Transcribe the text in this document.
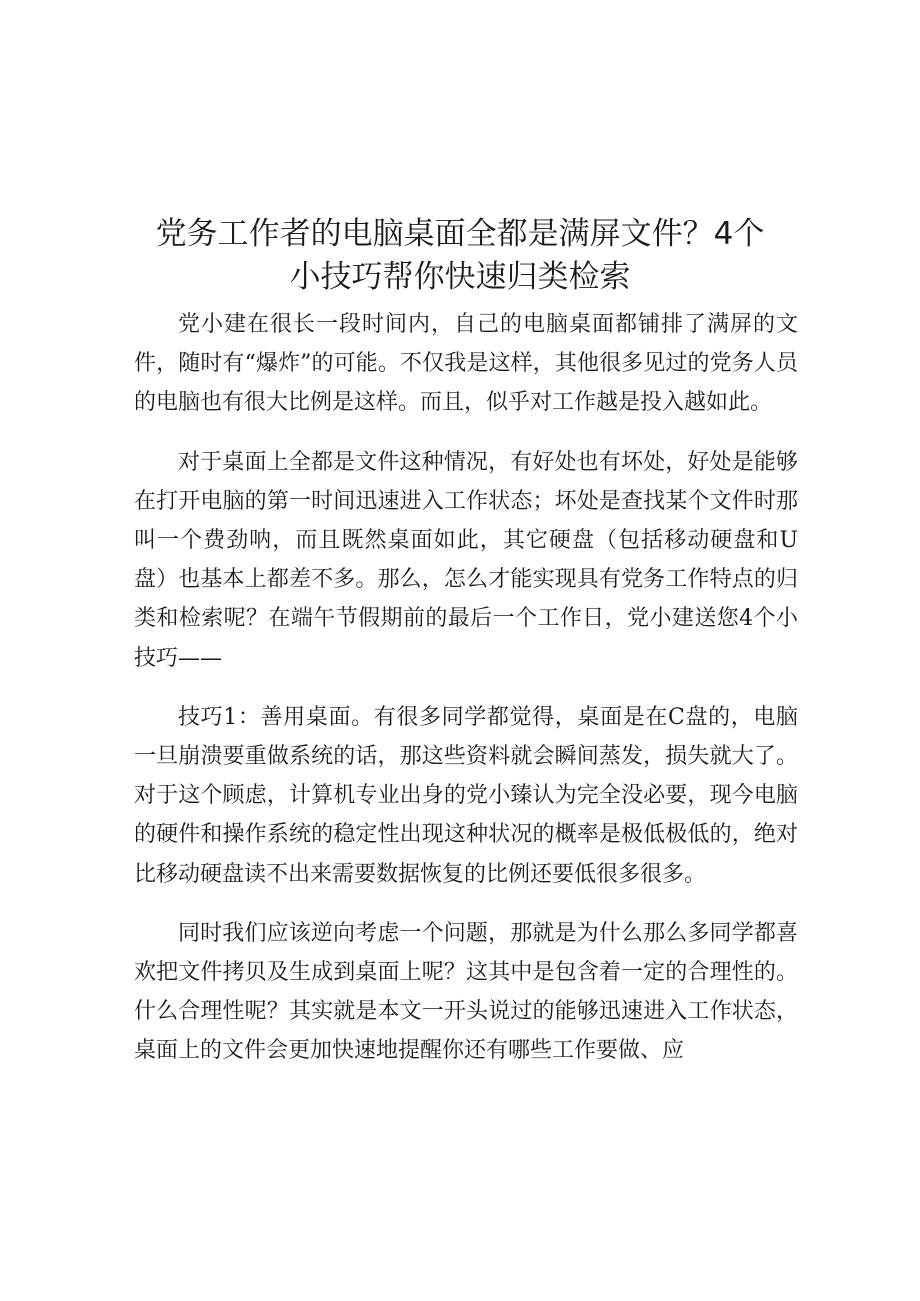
党务工作者的电脑桌面全都是满屏文件？4个
小技巧帮你快速归类检索

党小建在很长一段时间内，自己的电脑桌面都铺排了满屏的文件，随时有“爆炸”的可能。不仅我是这样，其他很多见过的党务人员的电脑也有很大比例是这样。而且，似乎对工作越是投入越如此。

对于桌面上全都是文件这种情况，有好处也有坏处，好处是能够在打开电脑的第一时间迅速进入工作状态；坏处是查找某个文件时那叫一个费劲呐，而且既然桌面如此，其它硬盘（包括移动硬盘和U盘）也基本上都差不多。那么，怎么才能实现具有党务工作特点的归类和检索呢？在端午节假期前的最后一个工作日，党小建送您4个小技巧——

技巧1：善用桌面。有很多同学都觉得，桌面是在C盘的，电脑一旦崩溃要重做系统的话，那这些资料就会瞬间蒸发，损失就大了。对于这个顾虑，计算机专业出身的党小臻认为完全没必要，现今电脑的硬件和操作系统的稳定性出现这种状况的概率是极低极低的，绝对比移动硬盘读不出来需要数据恢复的比例还要低很多很多。

同时我们应该逆向考虑一个问题，那就是为什么那么多同学都喜欢把文件拷贝及生成到桌面上呢？这其中是包含着一定的合理性的。什么合理性呢？其实就是本文一开头说过的能够迅速进入工作状态，桌面上的文件会更加快速地提醒你还有哪些工作要做、应
